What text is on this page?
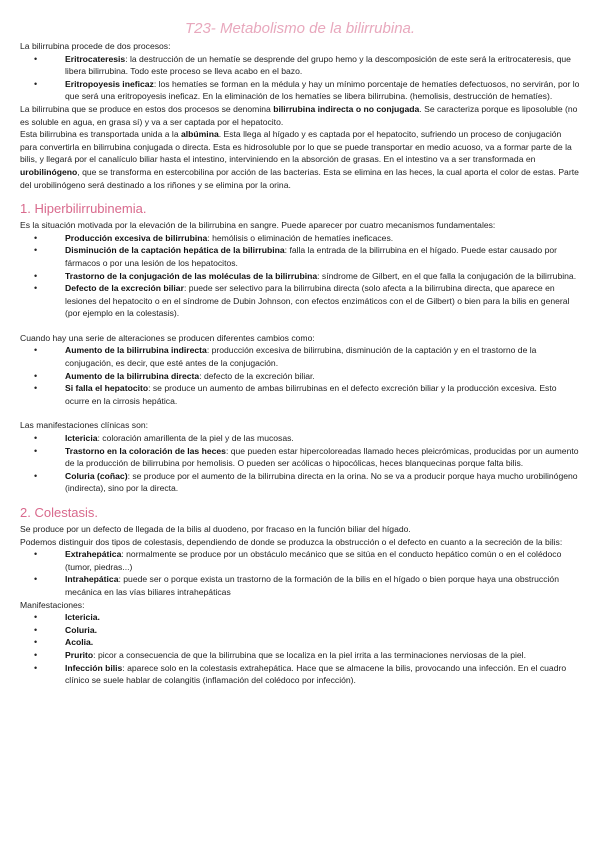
T23- Metabolismo de la bilirrubina.

La bilirrubina procede de dos procesos:

• Eritrocateresis: la destrucción de un hematíe se desprende del grupo hemo y la descomposición de este será la eritrocateresis, que libera bilirrubina. Todo este proceso se lleva acabo en el bazo.
• Eritropoyesis ineficaz: los hematíes se forman en la médula y hay un mínimo porcentaje de hematíes defectuosos, no servirán, por lo que será una eritropoyesis ineficaz. En la eliminación de los hematíes se libera bilirrubina. (hemolisis, destrucción de hematíes).

La bilirrubina que se produce en estos dos procesos se denomina bilirrubina indirecta o no conjugada. Se caracteriza porque es liposoluble (no es soluble en agua, en grasa sí) y va a ser captada por el hepatocito.

Esta bilirrubina es transportada unida a la albúmina. Esta llega al hígado y es captada por el hepatocito, sufriendo un proceso de conjugación para convertirla en bilirrubina conjugada o directa. Esta es hidrosoluble por lo que se puede transportar en medio acuoso, va a formar parte de la bilis, y llegará por el canalículo biliar hasta el intestino, interviniendo en la absorción de grasas. En el intestino va a ser transformada en urobilinógeno, que se transforma en estercobilina por acción de las bacterias. Esta se elimina en las heces, la cual aporta el color de estas. Parte del urobilinógeno será destinado a los riñones y se elimina por la orina.

1. Hiperbilirrubinemia.

Es la situación motivada por la elevación de la bilirrubina en sangre. Puede aparecer por cuatro mecanismos fundamentales:

• Producción excesiva de bilirrubina: hemólisis o eliminación de hematíes ineficaces.
• Disminución de la captación hepática de la bilirrubina: falla la entrada de la bilirrubina en el hígado. Puede estar causado por fármacos o por una lesión de los hepatocitos.
• Trastorno de la conjugación de las moléculas de la bilirrubina: síndrome de Gilbert, en el que falla la conjugación de la bilirrubina.
• Defecto de la excreción biliar: puede ser selectivo para la bilirrubina directa (solo afecta a la bilirrubina directa, que aparece en lesiones del hepatocito o en el síndrome de Dubin Johnson, con efectos enzimáticos con el de Gilbert) o bien para la bilis en general (por ejemplo en la colestasis).

Cuando hay una serie de alteraciones se producen diferentes cambios como:

• Aumento de la bilirrubina indirecta: producción excesiva de bilirrubina, disminución de la captación y en el trastorno de la conjugación, es decir, que esté antes de la conjugación.
• Aumento de la bilirrubina directa: defecto de la excreción biliar.
• Si falla el hepatocito: se produce un aumento de ambas bilirrubinas en el defecto excreción biliar y la producción excesiva. Esto ocurre en la cirrosis hepática.

Las manifestaciones clínicas son:

• Ictericia: coloración amarillenta de la piel y de las mucosas.
• Trastorno en la coloración de las heces: que pueden estar hipercoloreadas llamado heces pleicrómicas, producidas por un aumento de la producción de bilirrubina por hemolisis. O pueden ser acólicas o hipocólicas, heces blanquecinas porque falta bilis.
• Coluria (coñac): se produce por el aumento de la bilirrubina directa en la orina. No se va a producir porque haya mucho urobilinógeno (indirecta), sino por la directa.
2. Colestasis.

Se produce por un defecto de llegada de la bilis al duodeno, por fracaso en la función biliar del hígado.

Podemos distinguir dos tipos de colestasis, dependiendo de donde se produzca la obstrucción o el defecto en cuanto a la secreción de la bilis:

• Extrahepática: normalmente se produce por un obstáculo mecánico que se sitúa en el conducto hepático común o en el colédoco (tumor, piedras...)
• Intrahepática: puede ser o porque exista un trastorno de la formación de la bilis en el hígado o bien porque haya una obstrucción mecánica en las vías biliares intrahepáticas

Manifestaciones:

• Ictericia.
• Coluria.
• Acolia.
• Prurito: picor a consecuencia de que la bilirrubina que se localiza en la piel irrita a las terminaciones nerviosas de la piel.
• Infección bilis: aparece solo en la colestasis extrahepática. Hace que se almacene la bilis, provocando una infección. En el cuadro clínico se suele hablar de colangitis (inflamación del colédoco por infección).
